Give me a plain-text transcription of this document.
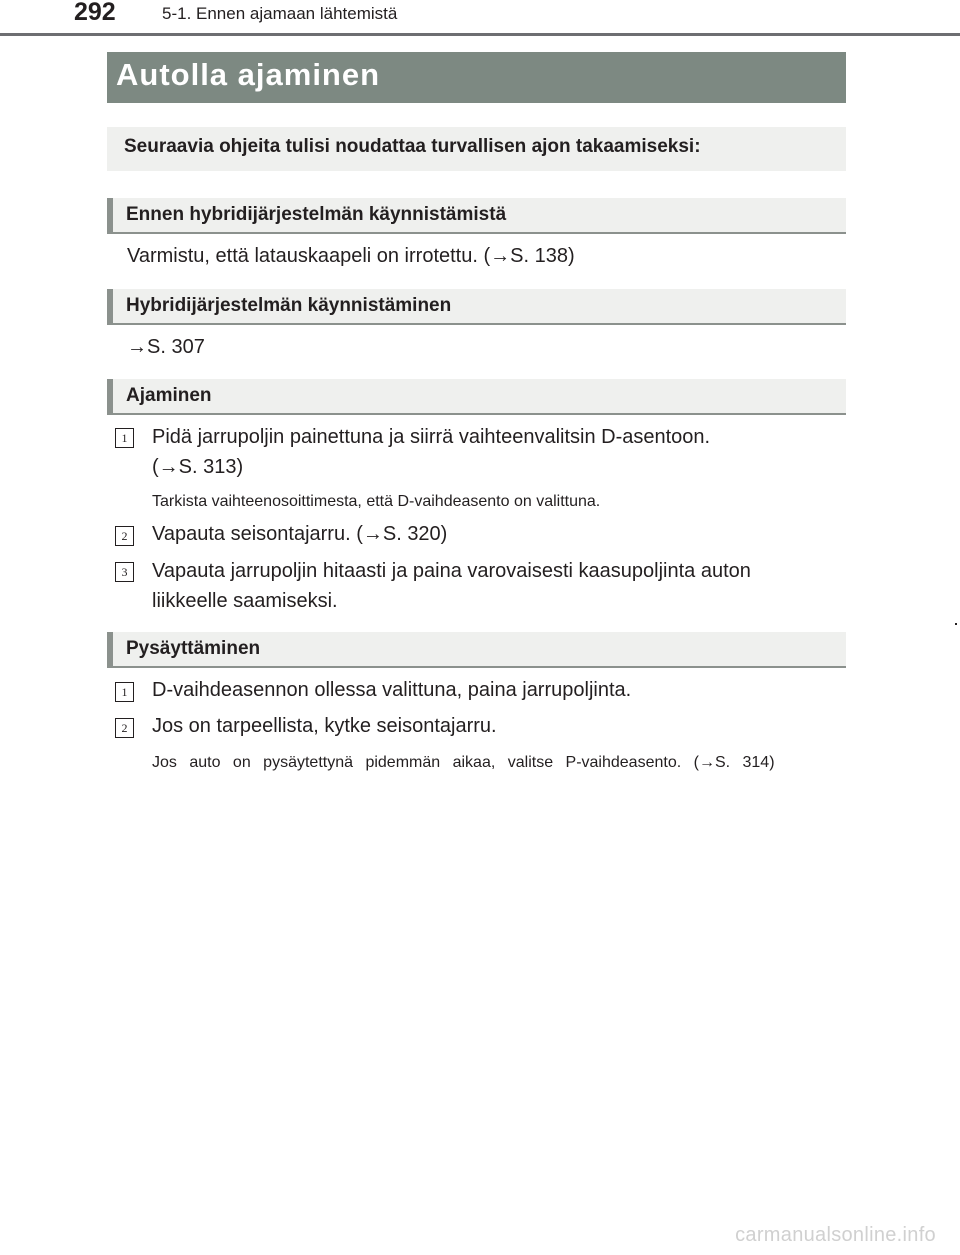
292	5-1. Ennen ajamaan lähtemistä
Autolla ajaminen
Seuraavia ohjeita tulisi noudattaa turvallisen ajon takaamiseksi:
Ennen hybridijärjestelmän käynnistämistä
Varmistu, että latauskaapeli on irrotettu. (→S. 138)
Hybridijärjestelmän käynnistäminen
→S. 307
Ajaminen
1	Pidä jarrupoljin painettuna ja siirrä vaihteenvalitsin D-asentoon.
(→S. 313)
Tarkista vaihteenosoittimesta, että D-vaihdeasento on valittuna.
2	Vapauta seisontajarru. (→S. 320)
3	Vapauta jarrupoljin hitaasti ja paina varovaisesti kaasupoljinta auton
liikkeelle saamiseksi.
Pysäyttäminen
1	D-vaihdeasennon ollessa valittuna, paina jarrupoljinta.
2	Jos on tarpeellista, kytke seisontajarru.
Jos auto on pysäytettynä pidemmän aikaa, valitse P-vaihdeasento. (→S. 314)
carmanualsonline.info
